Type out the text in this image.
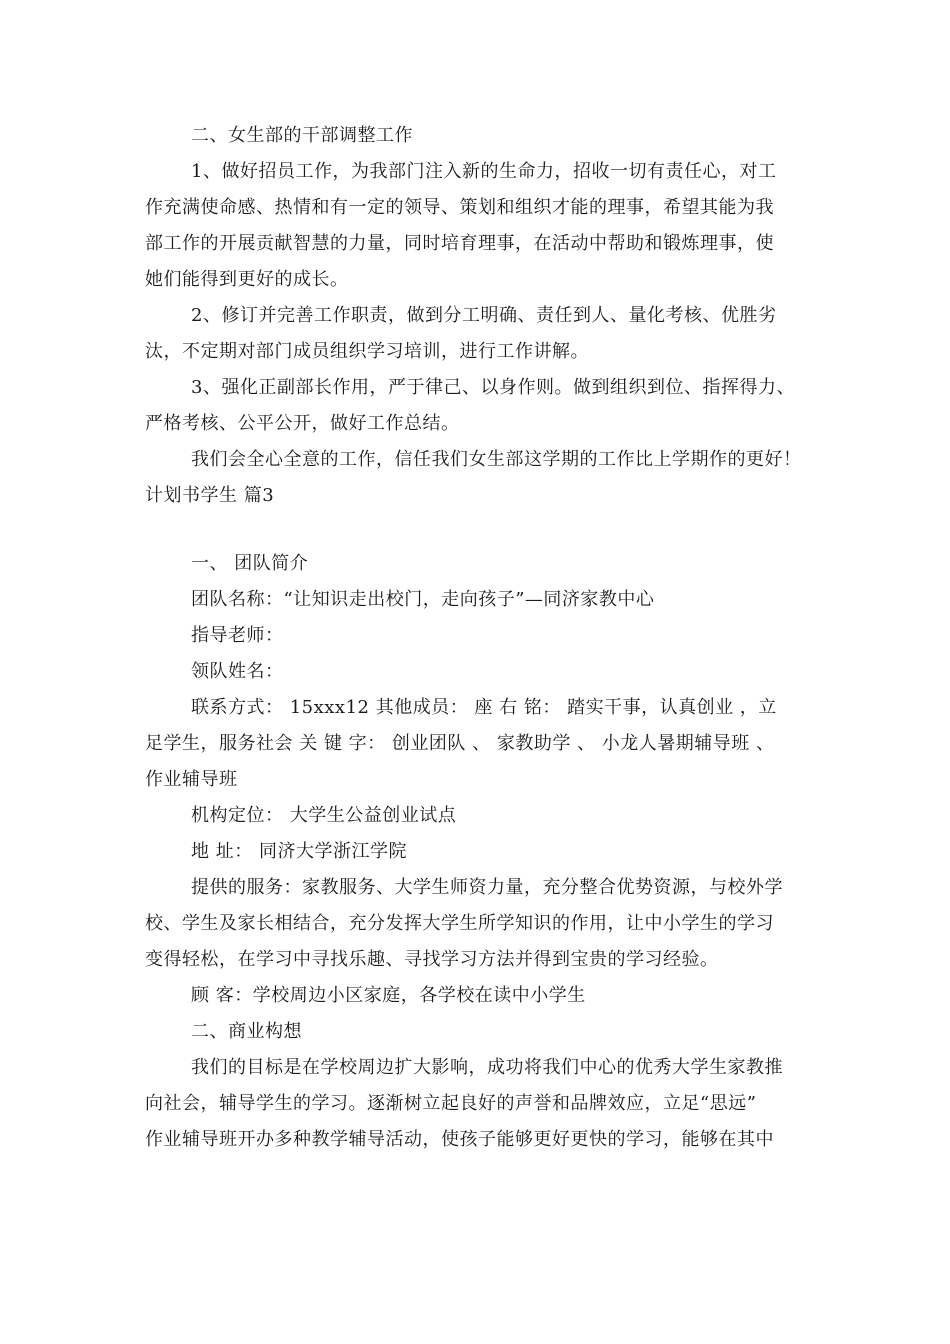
二、女生部的干部调整工作
1、做好招员工作，为我部门注入新的生命力，招收一切有责任心，对工
作充满使命感、热情和有一定的领导、策划和组织才能的理事，希望其能为我
部工作的开展贡献智慧的力量，同时培育理事，在活动中帮助和锻炼理事，使
她们能得到更好的成长。
2、修订并完善工作职责，做到分工明确、责任到人、量化考核、优胜劣
汰，不定期对部门成员组织学习培训，进行工作讲解。
3、强化正副部长作用，严于律己、以身作则。做到组织到位、指挥得力、
严格考核、公平公开，做好工作总结。
我们会全心全意的工作，信任我们女生部这学期的工作比上学期作的更好！
计划书学生 篇3
一、 团队简介
团队名称：“让知识走出校门，走向孩子”—同济家教中心
指导老师：
领队姓名：
联系方式： 15xxx12 其他成员： 座 右 铭： 踏实干事，认真创业 ，立
足学生，服务社会 关 键 字： 创业团队 、 家教助学 、 小龙人暑期辅导班 、
作业辅导班
机构定位： 大学生公益创业试点
地 址： 同济大学浙江学院
提供的服务：家教服务、大学生师资力量，充分整合优势资源，与校外学
校、学生及家长相结合，充分发挥大学生所学知识的作用，让中小学生的学习
变得轻松，在学习中寻找乐趣、寻找学习方法并得到宝贵的学习经验。
顾 客：学校周边小区家庭，各学校在读中小学生
二、商业构想
我们的目标是在学校周边扩大影响，成功将我们中心的优秀大学生家教推
向社会，辅导学生的学习。逐渐树立起良好的声誉和品牌效应，立足“思远”
作业辅导班开办多种教学辅导活动，使孩子能够更好更快的学习，能够在其中
